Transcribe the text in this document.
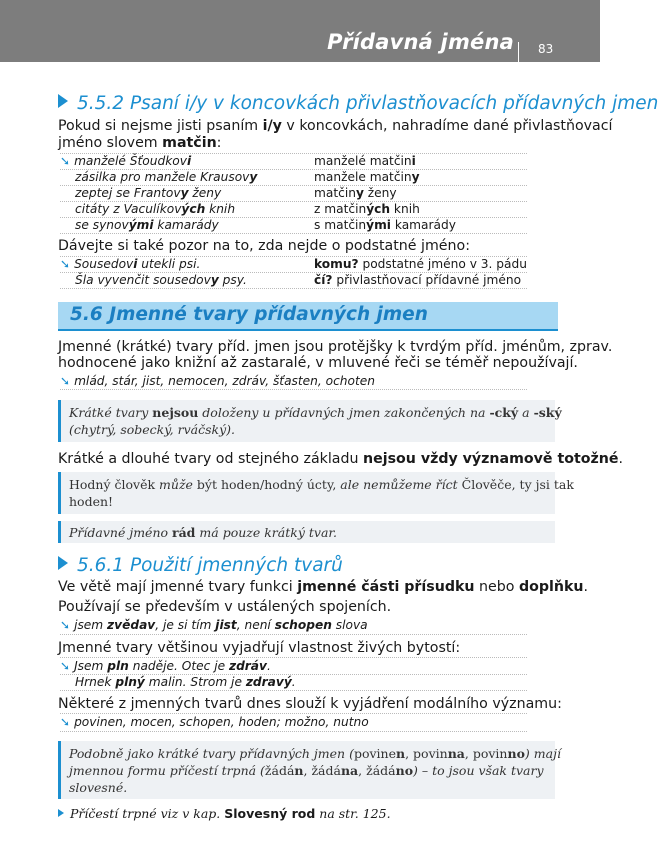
Přídavná jména 83
5.5.2 Psaní i/y v koncovkách přivlastňovacích přídavných jmen
Pokud si nejsme jisti psaním i/y v koncovkách, nahradíme dané přivlastňovací
jméno slovem matčin:
➘ manželé Šťoudkovi	manželé matčini
zásilka pro manžele Krausovy	manžele matčiny
zeptej se Frantovy ženy	matčiny ženy
citáty z Vaculíkových knih	z matčiných knih
se synovými kamarády	s matčinými kamarády
Dávejte si také pozor na to, zda nejde o podstatné jméno:
➘ Sousedovi utekli psi.	komu? podstatné jméno v 3. pádu
Šla vyvenčit sousedovy psy.	čí? přivlastňovací přídavné jméno
5.6 Jmenné tvary přídavných jmen
Jmenné (krátké) tvary příd. jmen jsou protějšky k tvrdým příd. jménům, zprav.
hodnocené jako knižní až zastaralé, v mluvené řeči se téměř nepoužívají.
➘ mlád, stár, jist, nemocen, zdráv, šťasten, ochoten
Krátké tvary nejsou doloženy u přídavných jmen zakončených na -cký a -ský
(chytrý, sobecký, rváčský).
Krátké a dlouhé tvary od stejného základu nejsou vždy významově totožné.
Hodný člověk může být hoden/hodný úcty, ale nemůžeme říct Člověče, ty jsi tak
hoden!
Přídavné jméno rád má pouze krátký tvar.
5.6.1 Použití jmenných tvarů
Ve větě mají jmenné tvary funkci jmenné části přísudku nebo doplňku.
Používají se především v ustálených spojeních.
➘ jsem zvědav, je si tím jist, není schopen slova
Jmenné tvary většinou vyjadřují vlastnost živých bytostí:
➘ Jsem pln naděje. Otec je zdráv.
Hrnek plný malin. Strom je zdravý.
Některé z jmenných tvarů dnes slouží k vyjádření modálního významu:
➘ povinen, mocen, schopen, hoden; možno, nutno
Podobně jako krátké tvary přídavných jmen (povinen, povinna, povinno) mají
jmennou formu příčestí trpná (žádán, žádána, žádáno) – to jsou však tvary
slovesné.
Příčestí trpné viz v kap. Slovesný rod na str. 125.
